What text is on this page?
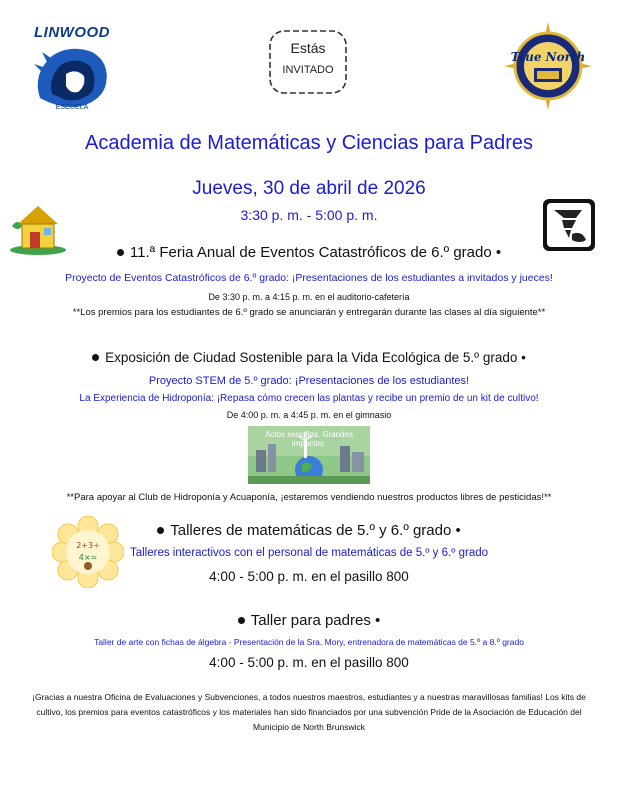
LINWOOD
ESCUELA
Estás
INVITADO
True North
Academia de Matemáticas y Ciencias para Padres
Jueves, 30 de abril de 2026
3:30 p. m. - 5:00 p. m.
2+3÷
4×=
11.ª Feria Anual de Eventos Catastróficos de 6.º grado •
Proyecto de Eventos Catastróficos de 6.º grado: ¡Presentaciones de los estudiantes a invitados y jueces!
De 3:30 p. m. a 4:15 p. m. en el auditorio-cafetería
**Los premios para los estudiantes de 6.º grado se anunciarán y entregarán durante las clases al día siguiente**
Exposición de Ciudad Sostenible para la Vida Ecológica de 5.º grado •
Proyecto STEM de 5.º grado: ¡Presentaciones de los estudiantes!
La Experiencia de Hidroponía: ¡Repasa cómo crecen las plantas y recibe un premio de un kit de cultivo!
De 4:00 p. m. a 4:45 p. m. en el gimnasio
Actos sencillos. Grandes impactos.
**Para apoyar al Club de Hidroponía y Acuaponía, ¡estaremos vendiendo nuestros productos libres de pesticidas!**
Talleres de matemáticas de 5.º y 6.º grado •
Talleres interactivos con el personal de matemáticas de 5.º y 6.º grado
4:00 - 5:00 p. m. en el pasillo 800
Taller para padres •
Taller de arte con fichas de álgebra - Presentación de la Sra. Mory, entrenadora de matemáticas de 5.º a 8.º grado
4:00 - 5:00 p. m. en el pasillo 800
¡Gracias a nuestra Oficina de Evaluaciones y Subvenciones, a todos nuestros maestros, estudiantes y a nuestras maravillosas familias! Los kits de cultivo, los premios para eventos catastróficos y los materiales han sido financiados por una subvención Pride de la Asociación de Educación del Municipio de North Brunswick
